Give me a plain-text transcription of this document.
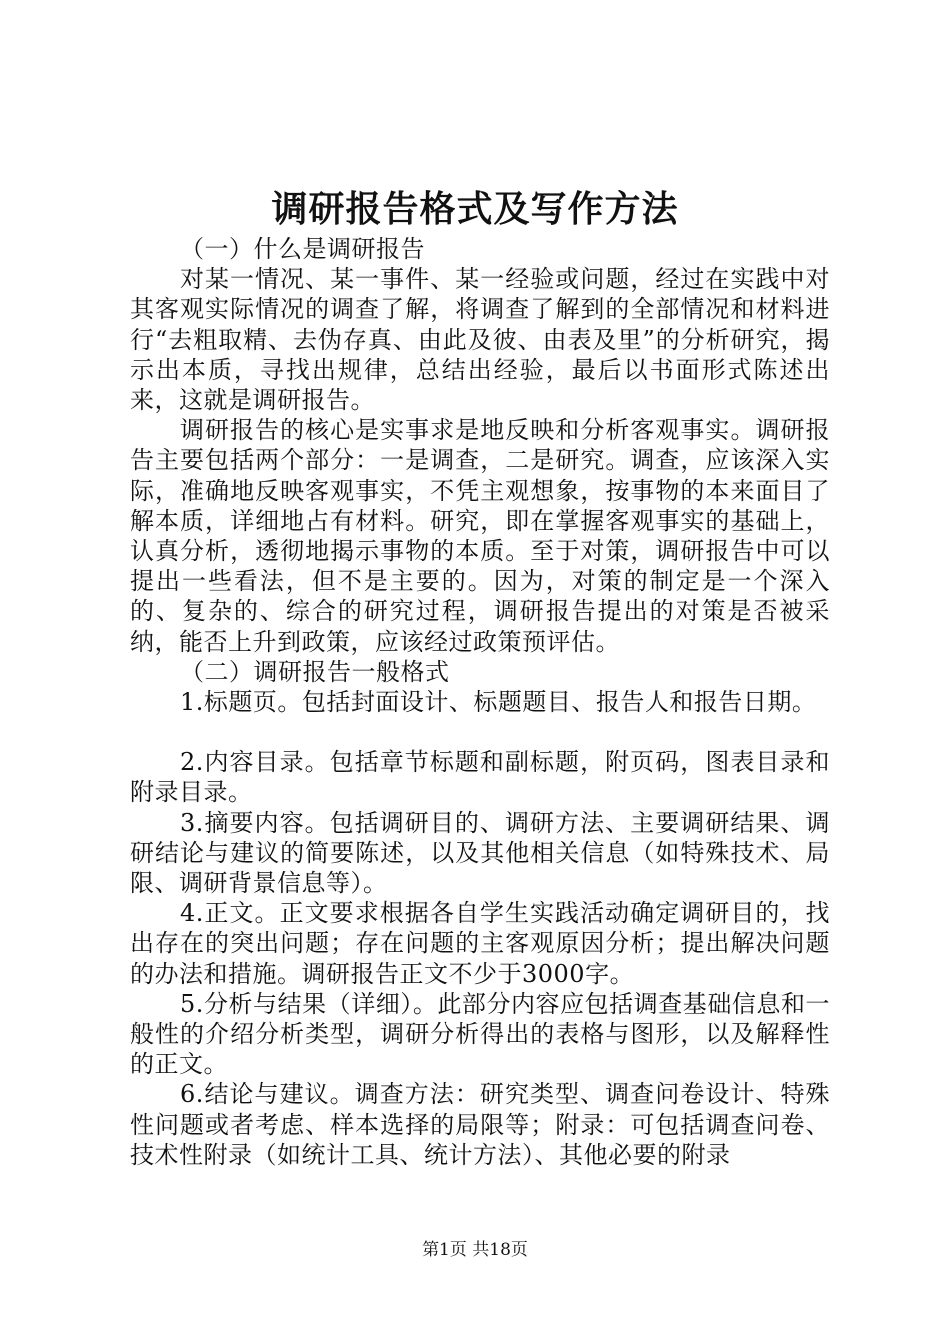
调研报告格式及写作方法

（一）什么是调研报告

对某一情况、某一事件、某一经验或问题，经过在实践中对其客观实际情况的调查了解，将调查了解到的全部情况和材料进行“去粗取精、去伪存真、由此及彼、由表及里”的分析研究，揭示出本质，寻找出规律，总结出经验，最后以书面形式陈述出来，这就是调研报告。

调研报告的核心是实事求是地反映和分析客观事实。调研报告主要包括两个部分：一是调查，二是研究。调查，应该深入实际，准确地反映客观事实，不凭主观想象，按事物的本来面目了解本质，详细地占有材料。研究，即在掌握客观事实的基础上，认真分析，透彻地揭示事物的本质。至于对策，调研报告中可以提出一些看法，但不是主要的。因为，对策的制定是一个深入的、复杂的、综合的研究过程，调研报告提出的对策是否被采纳，能否上升到政策，应该经过政策预评估。

（二）调研报告一般格式

1.标题页。包括封面设计、标题题目、报告人和报告日期。

2.内容目录。包括章节标题和副标题，附页码，图表目录和附录目录。

3.摘要内容。包括调研目的、调研方法、主要调研结果、调研结论与建议的简要陈述，以及其他相关信息（如特殊技术、局限、调研背景信息等）。

4.正文。正文要求根据各自学生实践活动确定调研目的，找出存在的突出问题；存在问题的主客观原因分析；提出解决问题的办法和措施。调研报告正文不少于3000字。

5.分析与结果（详细）。此部分内容应包括调查基础信息和一般性的介绍分析类型，调研分析得出的表格与图形，以及解释性的正文。

6.结论与建议。调查方法：研究类型、调查问卷设计、特殊性问题或者考虑、样本选择的局限等；附录：可包括调查问卷、技术性附录（如统计工具、统计方法）、其他必要的附录

第1页 共18页
